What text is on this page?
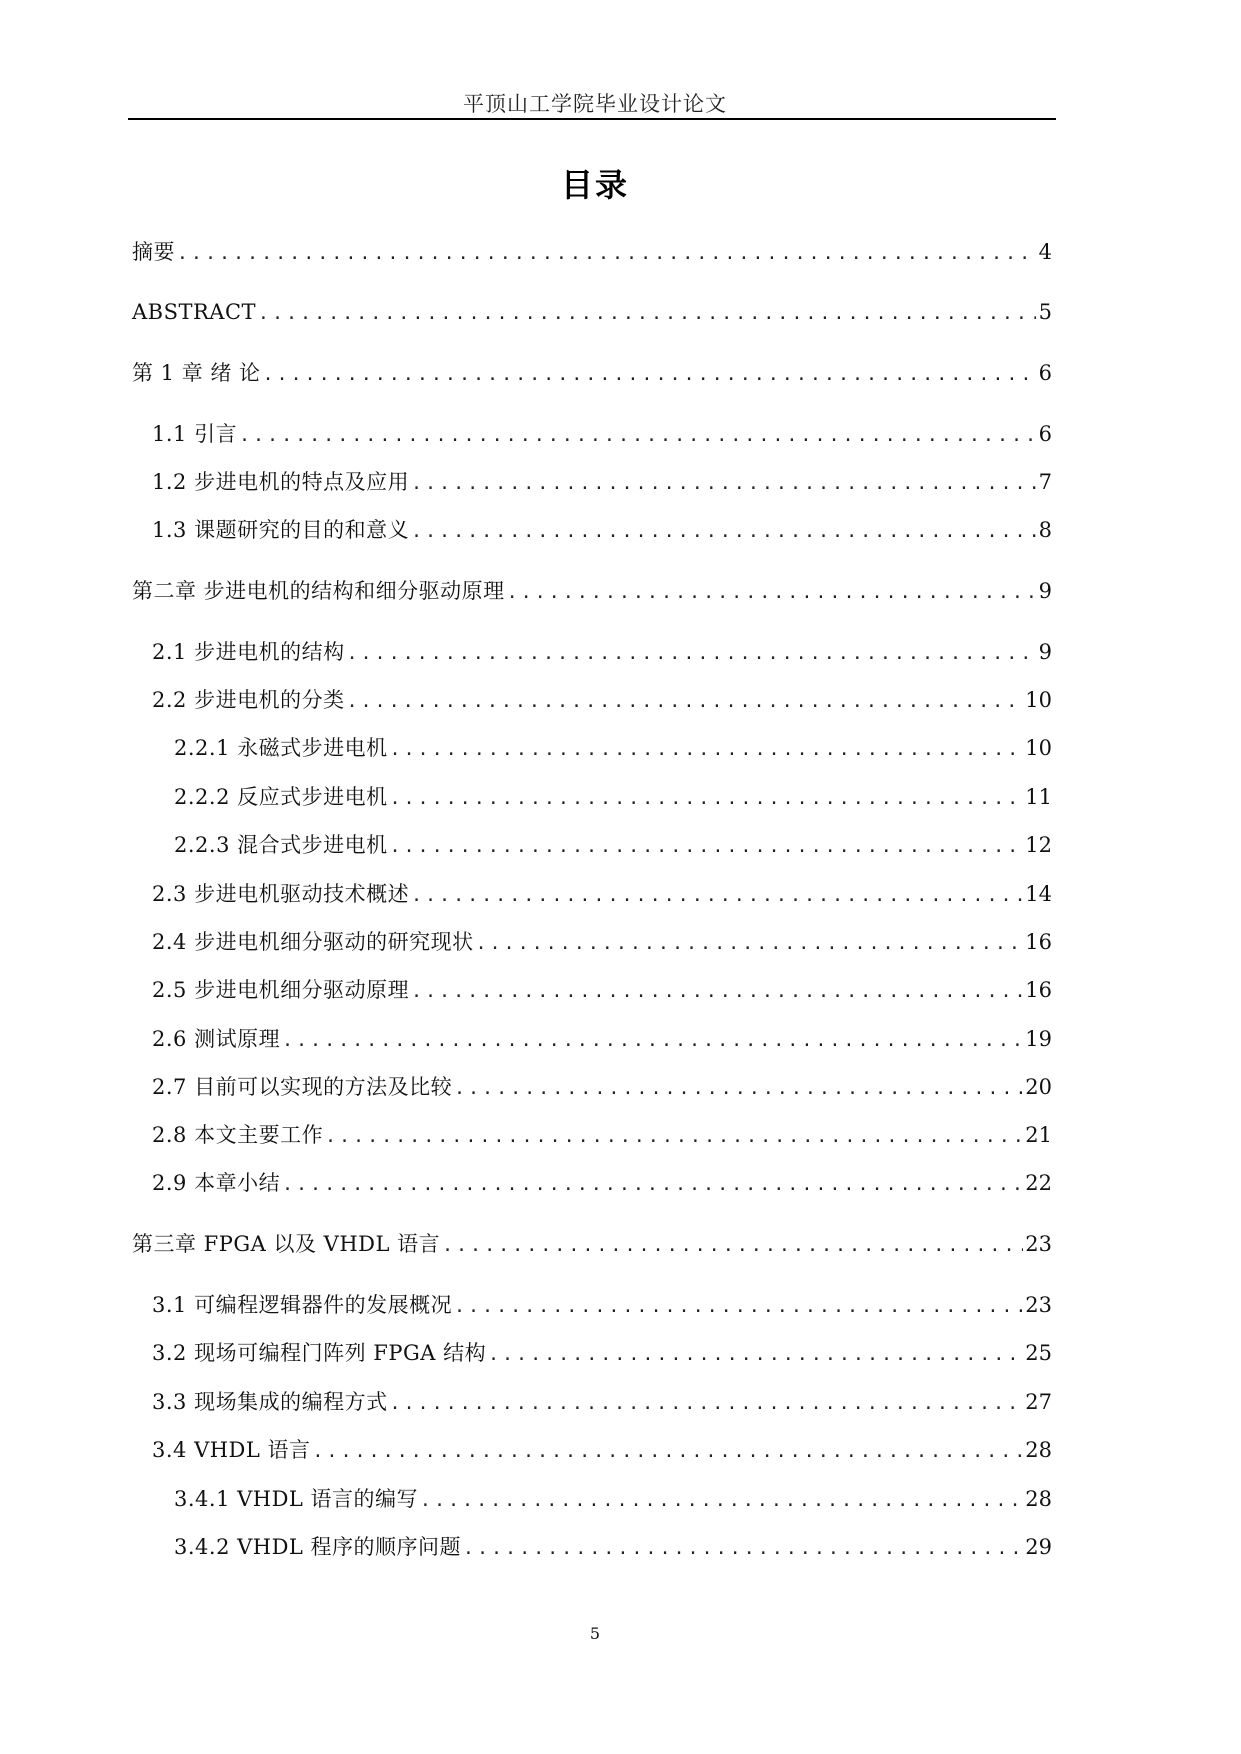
平顶山工学院毕业设计论文
目录
摘要 .....	4
ABSTRACT .....	5
第 1 章 绪 论 .....	6
1.1 引言 .....	6
1.2 步进电机的特点及应用 .....	7
1.3 课题研究的目的和意义 .....	8
第二章 步进电机的结构和细分驱动原理 .....	9
2.1 步进电机的结构 .....	9
2.2 步进电机的分类 .....	10
2.2.1 永磁式步进电机 .....	10
2.2.2 反应式步进电机 .....	11
2.2.3 混合式步进电机 .....	12
2.3 步进电机驱动技术概述 .....	14
2.4 步进电机细分驱动的研究现状 .....	16
2.5 步进电机细分驱动原理 .....	16
2.6 测试原理 .....	19
2.7 目前可以实现的方法及比较 .....	20
2.8 本文主要工作 .....	21
2.9 本章小结 .....	22
第三章 FPGA 以及 VHDL 语言 .....	23
3.1 可编程逻辑器件的发展概况 .....	23
3.2 现场可编程门阵列 FPGA 结构 .....	25
3.3 现场集成的编程方式 .....	27
3.4 VHDL 语言 .....	28
3.4.1 VHDL 语言的编写 .....	28
3.4.2 VHDL 程序的顺序问题 .....	29
5
